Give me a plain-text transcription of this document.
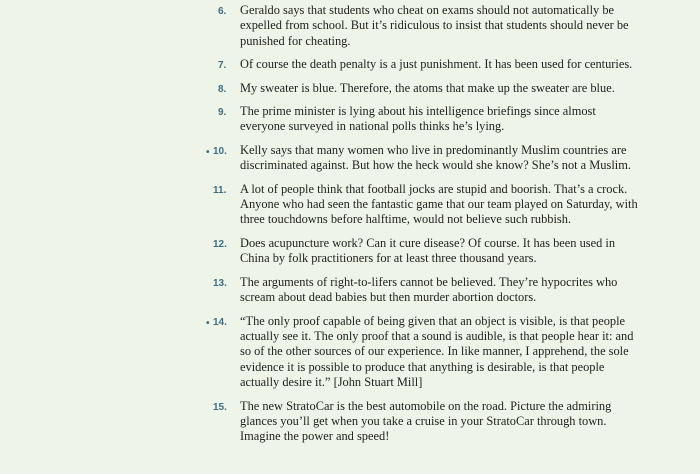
6. Geraldo says that students who cheat on exams should not automatically be expelled from school. But it’s ridiculous to insist that students should never be punished for cheating.
7. Of course the death penalty is a just punishment. It has been used for centuries.
8. My sweater is blue. Therefore, the atoms that make up the sweater are blue.
9. The prime minister is lying about his intelligence briefings since almost everyone surveyed in national polls thinks he’s lying.
• 10. Kelly says that many women who live in predominantly Muslim countries are discriminated against. But how the heck would she know? She’s not a Muslim.
11. A lot of people think that football jocks are stupid and boorish. That’s a crock. Anyone who had seen the fantastic game that our team played on Saturday, with three touchdowns before halftime, would not believe such rubbish.
12. Does acupuncture work? Can it cure disease? Of course. It has been used in China by folk practitioners for at least three thousand years.
13. The arguments of right-to-lifers cannot be believed. They’re hypocrites who scream about dead babies but then murder abortion doctors.
• 14. “The only proof capable of being given that an object is visible, is that people actually see it. The only proof that a sound is audible, is that people hear it: and so of the other sources of our experience. In like manner, I apprehend, the sole evidence it is possible to produce that anything is desirable, is that people actually desire it.” [John Stuart Mill]
15. The new StratoCar is the best automobile on the road. Picture the admiring glances you’ll get when you take a cruise in your StratoCar through town. Imagine the power and speed!
